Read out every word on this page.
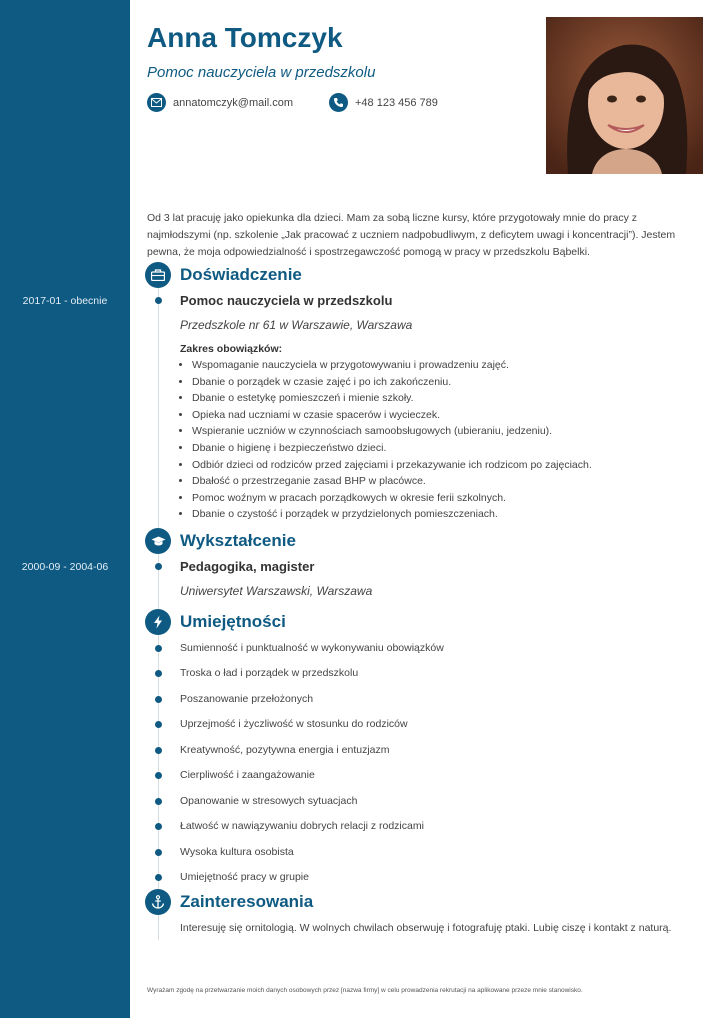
2017-01 - obecnie
2000-09 - 2004-06
Anna Tomczyk
Pomoc nauczyciela w przedszkolu
annatomczyk@mail.com	+48 123 456 789

Od 3 lat pracuję jako opiekunka dla dzieci. Mam za sobą liczne kursy, które przygotowały mnie do pracy z najmłodszymi (np. szkolenie „Jak pracować z uczniem nadpobudliwym, z deficytem uwagi i koncentracji”). Jestem pewna, że moja odpowiedzialność i spostrzegawczość pomogą w pracy w przedszkolu Bąbelki.

Doświadczenie
Pomoc nauczyciela w przedszkolu
Przedszkole nr 61 w Warszawie, Warszawa
Zakres obowiązków:
• Wspomaganie nauczyciela w przygotowywaniu i prowadzeniu zajęć.
• Dbanie o porządek w czasie zajęć i po ich zakończeniu.
• Dbanie o estetykę pomieszczeń i mienie szkoły.
• Opieka nad uczniami w czasie spacerów i wycieczek.
• Wspieranie uczniów w czynnościach samoobsługowych (ubieraniu, jedzeniu).
• Dbanie o higienę i bezpieczeństwo dzieci.
• Odbiór dzieci od rodziców przed zajęciami i przekazywanie ich rodzicom po zajęciach.
• Dbałość o przestrzeganie zasad BHP w placówce.
• Pomoc woźnym w pracach porządkowych w okresie ferii szkolnych.
• Dbanie o czystość i porządek w przydzielonych pomieszczeniach.
Wykształcenie
Pedagogika, magister
Uniwersytet Warszawski, Warszawa
Umiejętności
Sumienność i punktualność w wykonywaniu obowiązków
Troska o ład i porządek w przedszkolu
Poszanowanie przełożonych
Uprzejmość i życzliwość w stosunku do rodziców
Kreatywność, pozytywna energia i entuzjazm
Cierpliwość i zaangażowanie
Opanowanie w stresowych sytuacjach
Łatwość w nawiązywaniu dobrych relacji z rodzicami
Wysoka kultura osobista
Umiejętność pracy w grupie
Zainteresowania
Interesuję się ornitologią. W wolnych chwilach obserwuję i fotografuję ptaki. Lubię ciszę i kontakt z naturą.
Wyrażam zgodę na przetwarzanie moich danych osobowych przez [nazwa firmy] w celu prowadzenia rekrutacji na aplikowane przeze mnie stanowisko.
